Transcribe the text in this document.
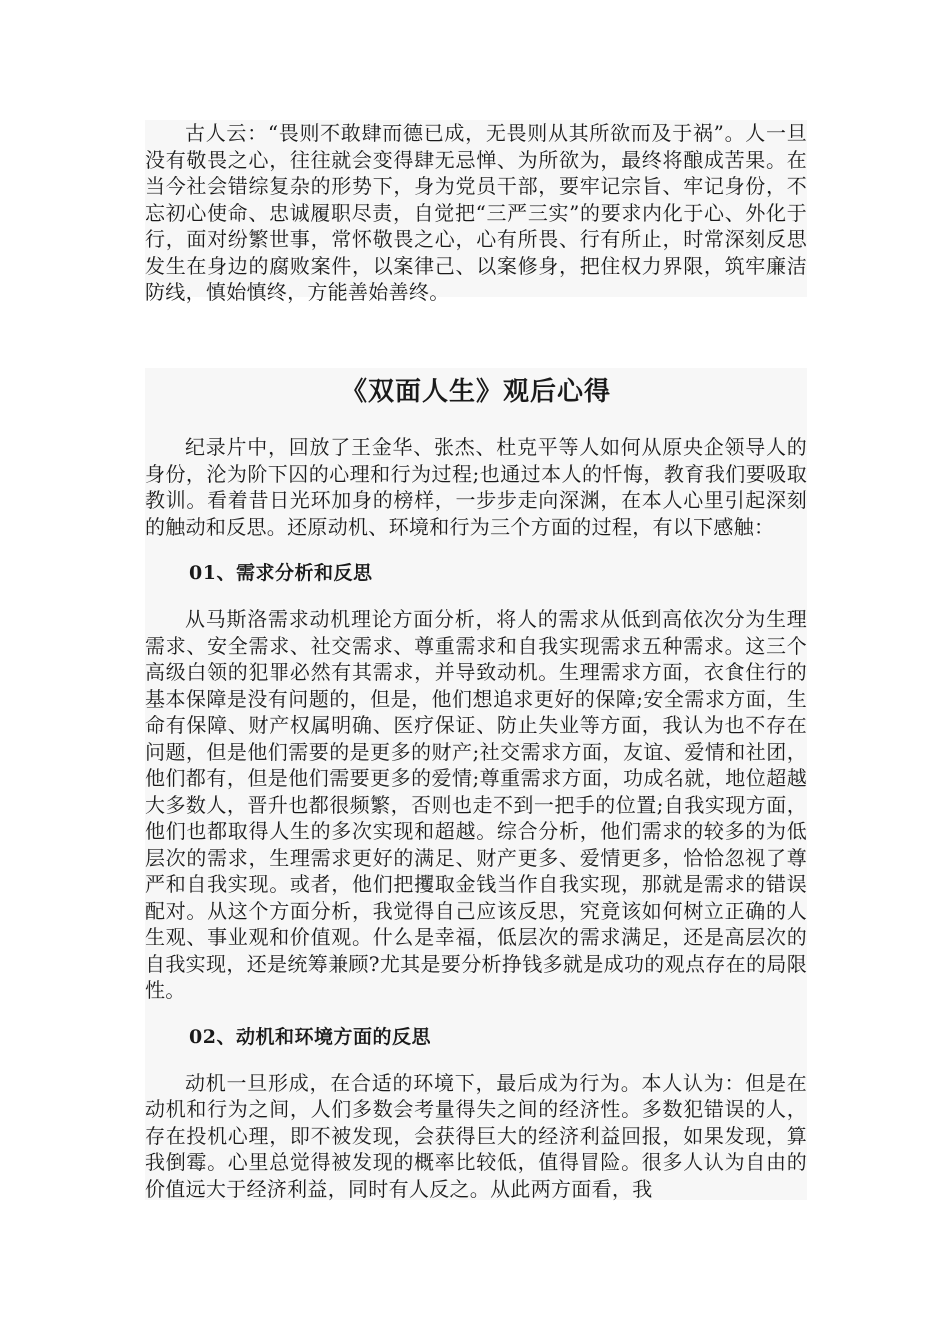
古人云：“畏则不敢肆而德已成，无畏则从其所欲而及于祸”。人一旦没有敬畏之心，往往就会变得肆无忌惮、为所欲为，最终将酿成苦果。在当今社会错综复杂的形势下，身为党员干部，要牢记宗旨、牢记身份，不忘初心使命、忠诚履职尽责，自觉把“三严三实”的要求内化于心、外化于行，面对纷繁世事，常怀敬畏之心，心有所畏、行有所止，时常深刻反思发生在身边的腐败案件，以案律己、以案修身，把住权力界限，筑牢廉洁防线，慎始慎终，方能善始善终。

《双面人生》观后心得

纪录片中，回放了王金华、张杰、杜克平等人如何从原央企领导人的身份，沦为阶下囚的心理和行为过程;也通过本人的忏悔，教育我们要吸取教训。看着昔日光环加身的榜样，一步步走向深渊，在本人心里引起深刻的触动和反思。还原动机、环境和行为三个方面的过程，有以下感触：

01、需求分析和反思

从马斯洛需求动机理论方面分析，将人的需求从低到高依次分为生理需求、安全需求、社交需求、尊重需求和自我实现需求五种需求。这三个高级白领的犯罪必然有其需求，并导致动机。生理需求方面，衣食住行的基本保障是没有问题的，但是，他们想追求更好的保障;安全需求方面，生命有保障、财产权属明确、医疗保证、防止失业等方面，我认为也不存在问题，但是他们需要的是更多的财产;社交需求方面，友谊、爱情和社团，他们都有，但是他们需要更多的爱情;尊重需求方面，功成名就，地位超越大多数人，晋升也都很频繁，否则也走不到一把手的位置;自我实现方面，他们也都取得人生的多次实现和超越。综合分析，他们需求的较多的为低层次的需求，生理需求更好的满足、财产更多、爱情更多，恰恰忽视了尊严和自我实现。或者，他们把攫取金钱当作自我实现，那就是需求的错误配对。从这个方面分析，我觉得自己应该反思，究竟该如何树立正确的人生观、事业观和价值观。什么是幸福，低层次的需求满足，还是高层次的自我实现，还是统筹兼顾?尤其是要分析挣钱多就是成功的观点存在的局限性。

02、动机和环境方面的反思

动机一旦形成，在合适的环境下，最后成为行为。本人认为：但是在动机和行为之间，人们多数会考量得失之间的经济性。多数犯错误的人，存在投机心理，即不被发现，会获得巨大的经济利益回报，如果发现，算我倒霉。心里总觉得被发现的概率比较低，值得冒险。很多人认为自由的价值远大于经济利益，同时有人反之。从此两方面看，我
